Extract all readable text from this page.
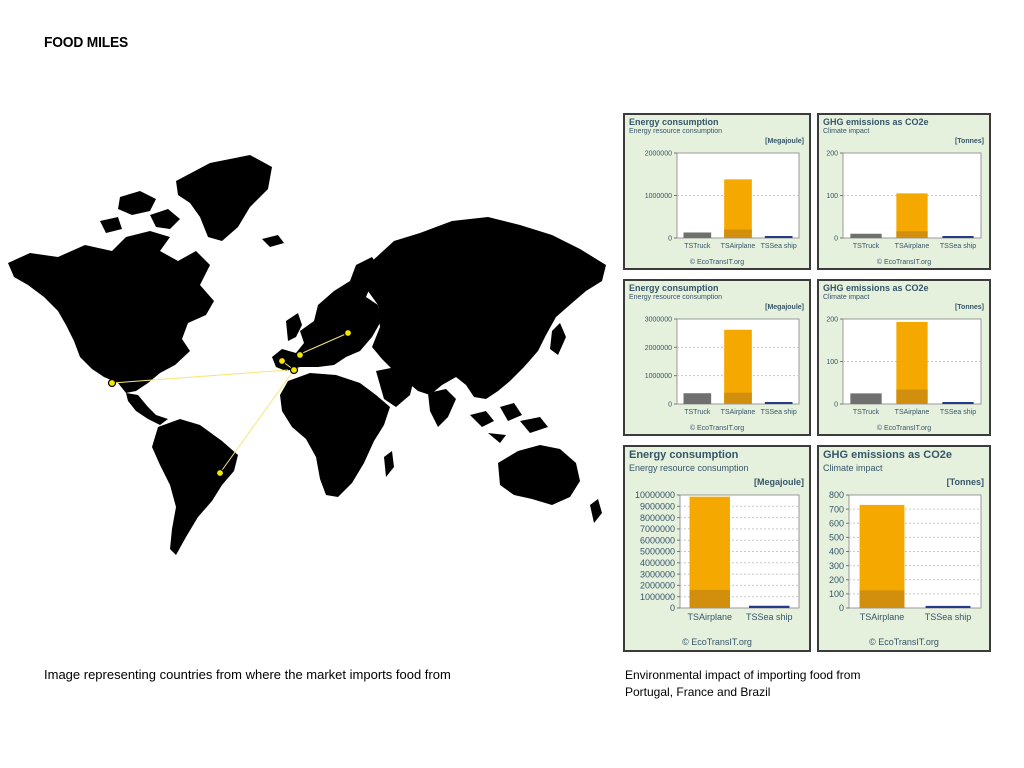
FOOD MILES
Image representing countries from where the market imports food from	Environmental impact of importing food from
Portugal, France and Brazil
Energy consumption
Energy resource consumption
[Megajoule]
© EcoTransIT.org
0
1000000
2000000
TSTruck TSAirplane TSSea ship
GHG emissions as CO2e
Climate impact
[Tonnes]
© EcoTransIT.org
0
100
200
TSTruck TSAirplane TSSea ship
Energy consumption
Energy resource consumption
[Megajoule]
© EcoTransIT.org
0
1000000
2000000
3000000
TSTruck TSAirplane TSSea ship
GHG emissions as CO2e
Climate impact
[Tonnes]
© EcoTransIT.org
0
100
200
TSTruck TSAirplane TSSea ship
Energy consumption
Energy resource consumption
[Megajoule]
© EcoTransIT.org
0
1000000
2000000
3000000
4000000
5000000
6000000
7000000
8000000
9000000
10000000
TSAirplane TSSea ship
GHG emissions as CO2e
Climate impact
[Tonnes]
© EcoTransIT.org
0
100
200
300
400
500
600
700
800
TSAirplane TSSea ship
